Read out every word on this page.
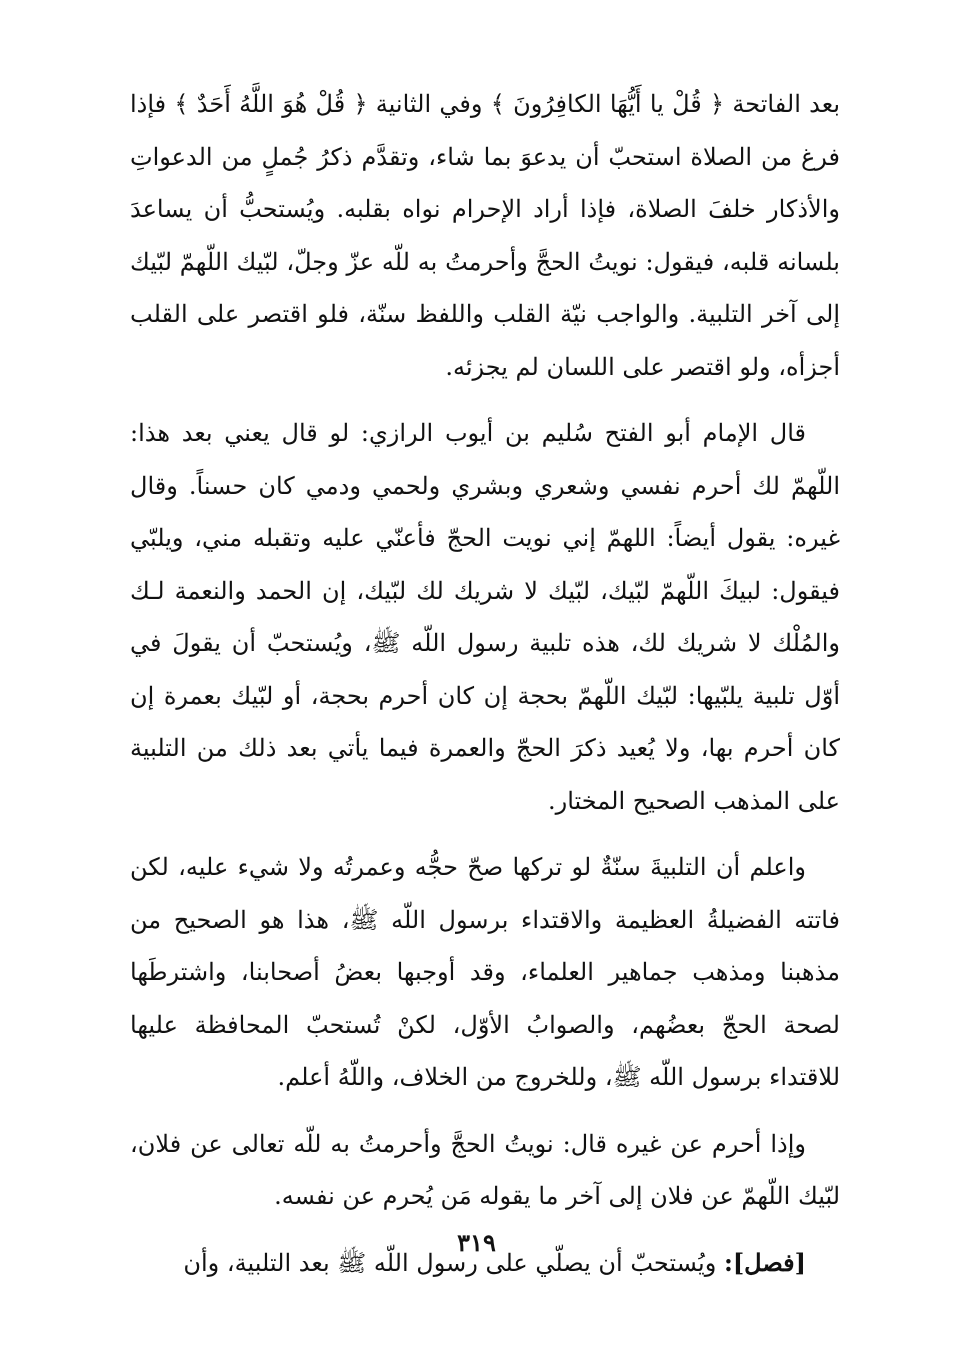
بعد الفاتحة ﴿ قُلْ يا أَيُّهَا الكافِرُونَ ﴾ وفي الثانية ﴿ قُلْ هُوَ اللَّهُ أَحَدٌ ﴾ فإذا فرغ من الصلاة استحبّ أن يدعوَ بما شاء، وتقدَّم ذكرُ جُملٍ من الدعواتِ والأذكار خلفَ الصلاة، فإذا أراد الإحرام نواه بقلبه. ويُستحبُّ أن يساعدَ بلسانه قلبه، فيقول: نويتُ الحجَّ وأحرمتُ به للّه عزّ وجلّ، لبّيك اللّهمّ لبّيك إلى آخر التلبية. والواجب نيّة القلب واللفظ سنّة، فلو اقتصر على القلب أجزأه، ولو اقتصر على اللسان لم يجزئه.

قال الإمام أبو الفتح سُليم بن أيوب الرازي: لو قال يعني بعد هذا: اللّهمّ لك أحرم نفسي وشعري وبشري ولحمي ودمي كان حسناً. وقال غيره: يقول أيضاً: اللهمّ إني نويت الحجّ فأعنّي عليه وتقبله مني، ويلبّي فيقول: لبيكَ اللّهمّ لبّيك، لبّيك لا شريك لك لبّيك، إن الحمد والنعمة لـك والمُلْك لا شريك لك، هذه تلبية رسول اللّه ﷺ، ويُستحبّ أن يقولَ في أوّل تلبية يلبّيها: لبّيك اللّهمّ بحجة إن كان أحرم بحجة، أو لبّيك بعمرة إن كان أحرم بها، ولا يُعيد ذكرَ الحجّ والعمرة فيما يأتي بعد ذلك من التلبية على المذهب الصحيح المختار.

واعلم أن التلبيةَ سنّةٌ لو تركها صحّ حجُّه وعمرتُه ولا شيء عليه، لكن فاتته الفضيلةُ العظيمة والاقتداء برسول اللّه ﷺ، هذا هو الصحيح من مذهبنا ومذهب جماهير العلماء، وقد أوجبها بعضُ أصحابنا، واشترطَها لصحة الحجّ بعضُهم، والصوابُ الأوّل، لكنْ تُستحبّ المحافظة عليها للاقتداء برسول اللّه ﷺ، وللخروج من الخلاف، واللّهُ أعلم.

وإذا أحرم عن غيره قال: نويتُ الحجَّ وأحرمتُ به للّه تعالى عن فلان، لبّيك اللّهمّ عن فلان إلى آخر ما يقوله مَن يُحرم عن نفسه.

[فصل]: ويُستحبّ أن يصلّي على رسول اللّه ﷺ بعد التلبية، وأن

٣١٩
